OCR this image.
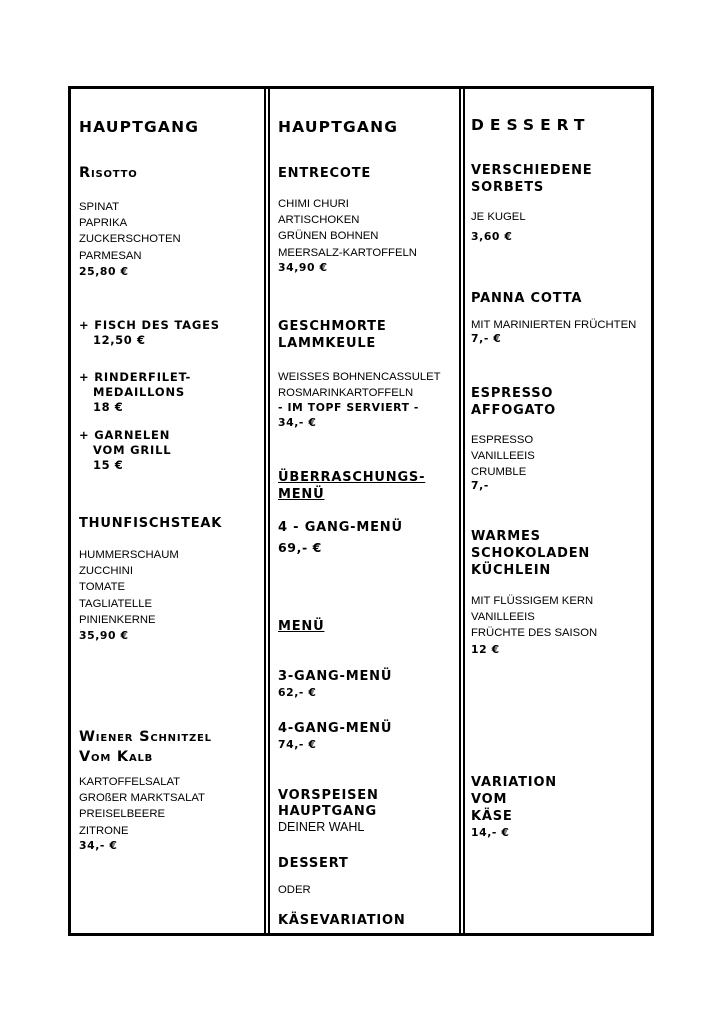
HAUPTGANG
Risotto
SPINAT
PAPRIKA
ZUCKERSCHOTEN
PARMESAN
25,80 €
+ FISCH DES TAGES
12,50 €
+ RINDERFILET-
MEDAILLONS
18 €
+ GARNELEN
VOM GRILL
15 €
THUNFISCHSTEAK
HUMMERSCHAUM
ZUCCHINI
TOMATE
TAGLIATELLE
PINIENKERNE
35,90 €
Wiener Schnitzel
Vom Kalb
KARTOFFELSALAT
GROßER MARKTSALAT
PREISELBEERE
ZITRONE
34,- €
HAUPTGANG
ENTRECOTE
CHIMI CHURI
ARTISCHOKEN
GRÜNEN BOHNEN
MEERSALZ-KARTOFFELN
34,90 €
GESCHMORTE
LAMMKEULE
WEISSES BOHNENCASSULET
ROSMARINKARTOFFELN
- IM TOPF SERVIERT -
34,- €
ÜBERRASCHUNGS-
MENÜ
4 - GANG-MENÜ
69,- €
MENÜ
3-GANG-MENÜ
62,- €
4-GANG-MENÜ
74,- €
VORSPEISEN
HAUPTGANG
DEINER WAHL
DESSERT
ODER
KÄSEVARIATION
DESSERT
VERSCHIEDENE
SORBETS
JE KUGEL
3,60 €
PANNA COTTA
MIT MARINIERTEN FRÜCHTEN
7,- €
ESPRESSO
AFFOGATO
ESPRESSO
VANILLEEIS
CRUMBLE
7,-
WARMES
SCHOKOLADEN
KÜCHLEIN
MIT FLÜSSIGEM KERN
VANILLEEIS
FRÜCHTE DES SAISON
12 €
VARIATION
VOM
KÄSE
14,- €
